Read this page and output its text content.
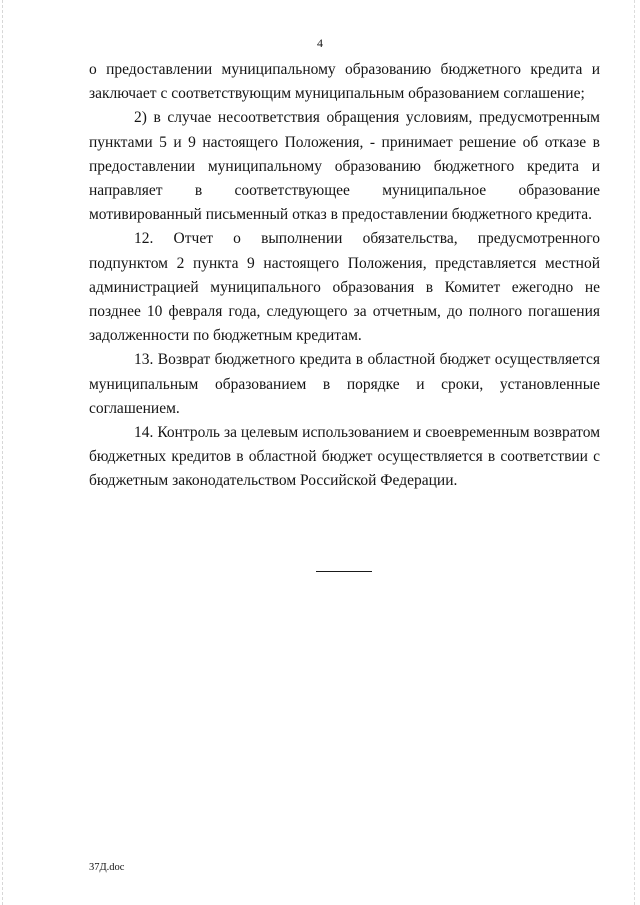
4

о предоставлении муниципальному образованию бюджетного кредита и заключает с соответствующим муниципальным образованием соглашение;

2) в случае несоответствия обращения условиям, предусмотренным пунктами 5 и 9 настоящего Положения, - принимает решение об отказе в предоставлении муниципальному образованию бюджетного кредита и направляет в соответствующее муниципальное образование мотивированный письменный отказ в предоставлении бюджетного кредита.

12. Отчет о выполнении обязательства, предусмотренного подпунктом 2 пункта 9 настоящего Положения, представляется местной администрацией муниципального образования в Комитет ежегодно не позднее 10 февраля года, следующего за отчетным, до полного погашения задолженности по бюджетным кредитам.

13. Возврат бюджетного кредита в областной бюджет осуществляется муниципальным образованием в порядке и сроки, установленные соглашением.

14. Контроль за целевым использованием и своевременным возвратом бюджетных кредитов в областной бюджет осуществляется в соответствии с бюджетным законодательством Российской Федерации.

37Д.doc
